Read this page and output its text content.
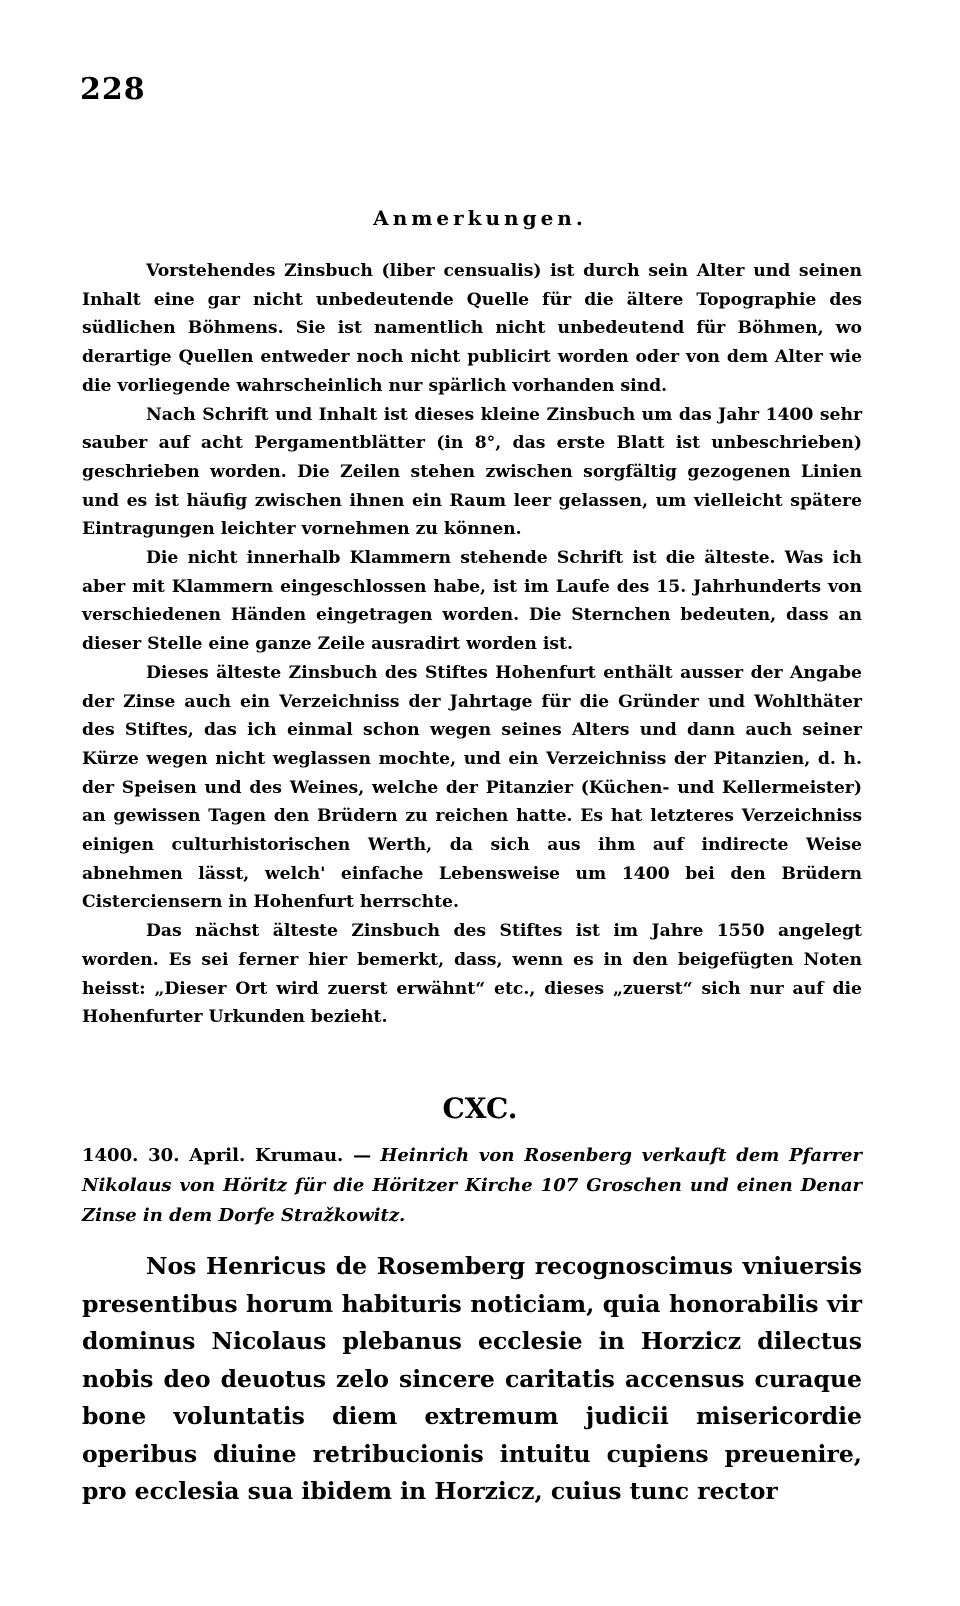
228
Anmerkungen.

Vorstehendes Zinsbuch (liber censualis) ist durch sein Alter und seinen Inhalt eine gar nicht unbedeutende Quelle für die ältere Topographie des südlichen Böhmens. Sie ist namentlich nicht unbedeutend für Böhmen, wo derartige Quellen entweder noch nicht publicirt worden oder von dem Alter wie die vorliegende wahrscheinlich nur spärlich vorhanden sind.

Nach Schrift und Inhalt ist dieses kleine Zinsbuch um das Jahr 1400 sehr sauber auf acht Pergamentblätter (in 8°, das erste Blatt ist unbeschrieben) geschrieben worden. Die Zeilen stehen zwischen sorgfältig gezogenen Linien und es ist häufig zwischen ihnen ein Raum leer gelassen, um vielleicht spätere Eintragungen leichter vornehmen zu können.

Die nicht innerhalb Klammern stehende Schrift ist die älteste. Was ich aber mit Klammern eingeschlossen habe, ist im Laufe des 15. Jahrhunderts von verschiedenen Händen eingetragen worden. Die Sternchen bedeuten, dass an dieser Stelle eine ganze Zeile ausradirt worden ist.

Dieses älteste Zinsbuch des Stiftes Hohenfurt enthält ausser der Angabe der Zinse auch ein Verzeichniss der Jahrtage für die Gründer und Wohlthäter des Stiftes, das ich einmal schon wegen seines Alters und dann auch seiner Kürze wegen nicht weglassen mochte, und ein Verzeichniss der Pitanzien, d. h. der Speisen und des Weines, welche der Pitanzier (Küchen- und Kellermeister) an gewissen Tagen den Brüdern zu reichen hatte. Es hat letzteres Verzeichniss einigen culturhistorischen Werth, da sich aus ihm auf indirecte Weise abnehmen lässt, welch' einfache Lebensweise um 1400 bei den Brüdern Cisterciensern in Hohenfurt herrschte.

Das nächst älteste Zinsbuch des Stiftes ist im Jahre 1550 angelegt worden. Es sei ferner hier bemerkt, dass, wenn es in den beigefügten Noten heisst: „Dieser Ort wird zuerst erwähnt“ etc., dieses „zuerst“ sich nur auf die Hohenfurter Urkunden bezieht.

CXC.

1400. 30. April. Krumau. — Heinrich von Rosenberg verkauft dem Pfarrer Nikolaus von Höritz für die Höritzer Kirche 107 Groschen und einen Denar Zinse in dem Dorfe Stražkowitz.

Nos Henricus de Rosemberg recognoscimus vniuersis presentibus horum habituris noticiam, quia honorabilis vir dominus Nicolaus plebanus ecclesie in Horzicz dilectus nobis deo deuotus zelo sincere caritatis accensus curaque bone voluntatis diem extremum judicii misericordie operibus diuine retribucionis intuitu cupiens preuenire, pro ecclesia sua ibidem in Horzicz, cuius tunc rector
